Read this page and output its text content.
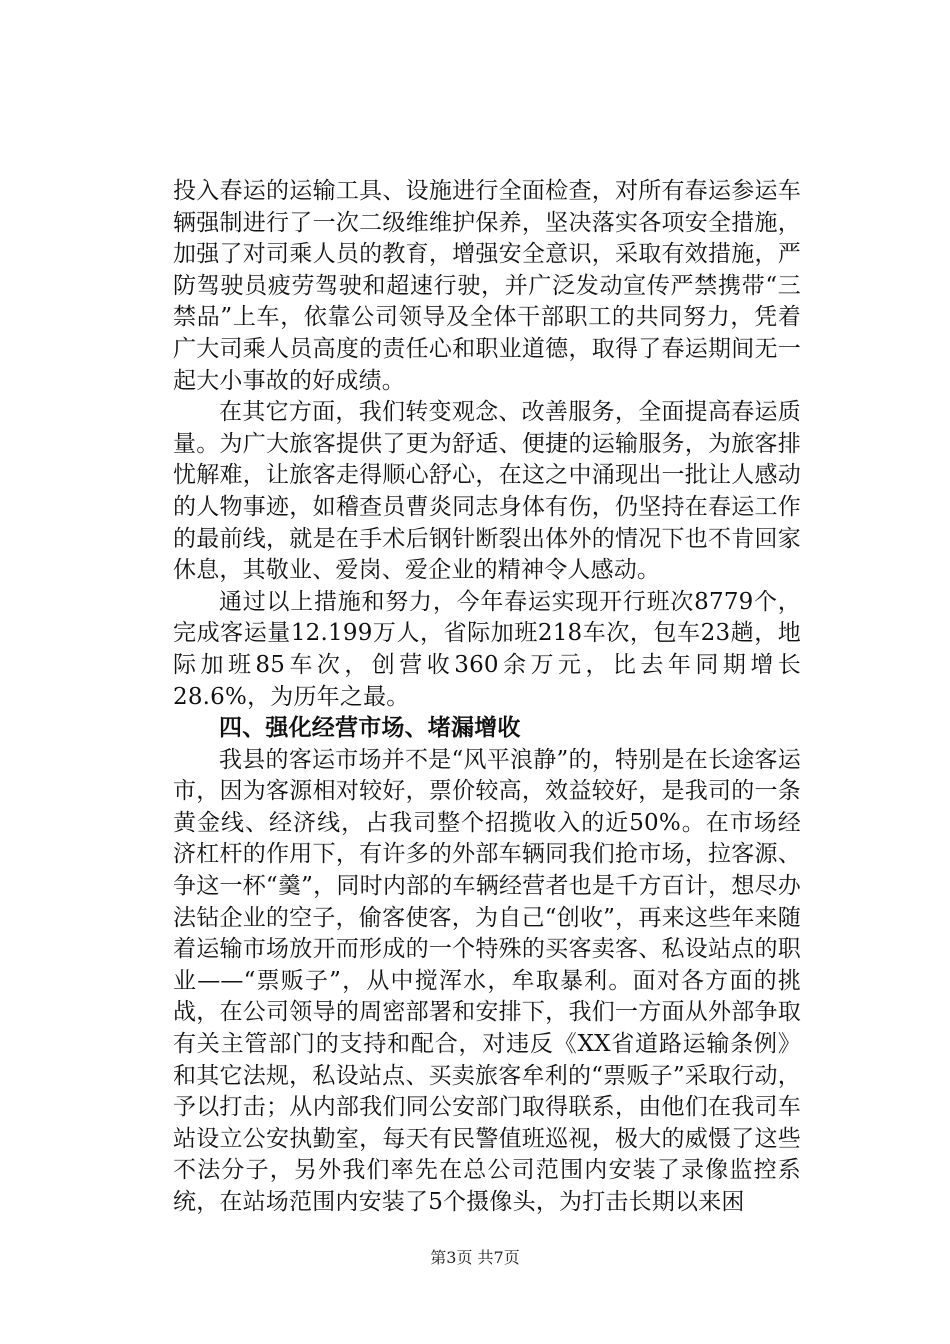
投入春运的运输工具、设施进行全面检查，对所有春运参运车辆强制进行了一次二级维维护保养，坚决落实各项安全措施，加强了对司乘人员的教育，增强安全意识，采取有效措施，严防驾驶员疲劳驾驶和超速行驶，并广泛发动宣传严禁携带“三禁品”上车，依靠公司领导及全体干部职工的共同努力，凭着广大司乘人员高度的责任心和职业道德，取得了春运期间无一起大小事故的好成绩。

在其它方面，我们转变观念、改善服务，全面提高春运质量。为广大旅客提供了更为舒适、便捷的运输服务，为旅客排忧解难，让旅客走得顺心舒心，在这之中涌现出一批让人感动的人物事迹，如稽查员曹炎同志身体有伤，仍坚持在春运工作的最前线，就是在手术后钢针断裂出体外的情况下也不肯回家休息，其敬业、爱岗、爱企业的精神令人感动。

通过以上措施和努力，今年春运实现开行班次8779个，完成客运量12.199万人，省际加班218车次，包车23趟，地际加班85车次，创营收360余万元，比去年同期增长28.6%，为历年之最。

四、强化经营市场、堵漏增收

我县的客运市场并不是“风平浪静”的，特别是在长途客运市，因为客源相对较好，票价较高，效益较好，是我司的一条黄金线、经济线，占我司整个招揽收入的近50%。在市场经济杠杆的作用下，有许多的外部车辆同我们抢市场，拉客源、争这一杯“羹”，同时内部的车辆经营者也是千方百计，想尽办法钻企业的空子，偷客使客，为自己“创收”，再来这些年来随着运输市场放开而形成的一个特殊的买客卖客、私设站点的职业——“票贩子”，从中搅浑水，牟取暴利。面对各方面的挑战，在公司领导的周密部署和安排下，我们一方面从外部争取有关主管部门的支持和配合，对违反《XX省道路运输条例》和其它法规，私设站点、买卖旅客牟利的“票贩子”采取行动，予以打击；从内部我们同公安部门取得联系，由他们在我司车站设立公安执勤室，每天有民警值班巡视，极大的威慑了这些不法分子，另外我们率先在总公司范围内安装了录像监控系统，在站场范围内安装了5个摄像头，为打击长期以来困

第3页 共7页
